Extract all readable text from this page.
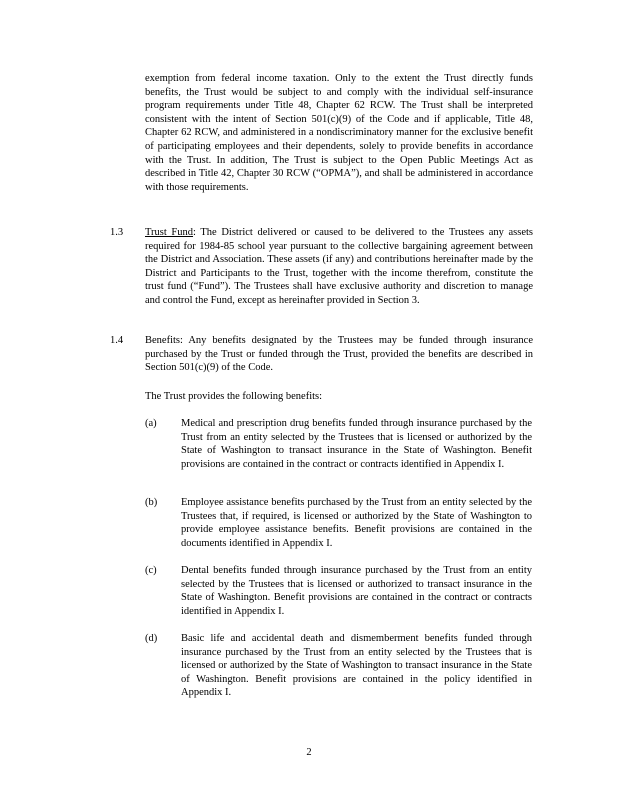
exemption from federal income taxation. Only to the extent the Trust directly funds benefits, the Trust would be subject to and comply with the individual self-insurance program requirements under Title 48, Chapter 62 RCW. The Trust shall be interpreted consistent with the intent of Section 501(c)(9) of the Code and if applicable, Title 48, Chapter 62 RCW, and administered in a nondiscriminatory manner for the exclusive benefit of participating employees and their dependents, solely to provide benefits in accordance with the Trust. In addition, The Trust is subject to the Open Public Meetings Act as described in Title 42, Chapter 30 RCW (“OPMA”), and shall be administered in accordance with those requirements.

1.3 Trust Fund: The District delivered or caused to be delivered to the Trustees any assets required for 1984-85 school year pursuant to the collective bargaining agreement between the District and Association. These assets (if any) and contributions hereinafter made by the District and Participants to the Trust, together with the income therefrom, constitute the trust fund (“Fund”). The Trustees shall have exclusive authority and discretion to manage and control the Fund, except as hereinafter provided in Section 3.

1.4 Benefits: Any benefits designated by the Trustees may be funded through insurance purchased by the Trust or funded through the Trust, provided the benefits are described in Section 501(c)(9) of the Code.

The Trust provides the following benefits:

(a) Medical and prescription drug benefits funded through insurance purchased by the Trust from an entity selected by the Trustees that is licensed or authorized by the State of Washington to transact insurance in the State of Washington. Benefit provisions are contained in the contract or contracts identified in Appendix I.

(b) Employee assistance benefits purchased by the Trust from an entity selected by the Trustees that, if required, is licensed or authorized by the State of Washington to provide employee assistance benefits. Benefit provisions are contained in the documents identified in Appendix I.

(c) Dental benefits funded through insurance purchased by the Trust from an entity selected by the Trustees that is licensed or authorized to transact insurance in the State of Washington. Benefit provisions are contained in the contract or contracts identified in Appendix I.

(d) Basic life and accidental death and dismemberment benefits funded through insurance purchased by the Trust from an entity selected by the Trustees that is licensed or authorized by the State of Washington to transact insurance in the State of Washington. Benefit provisions are contained in the policy identified in Appendix I.

2
